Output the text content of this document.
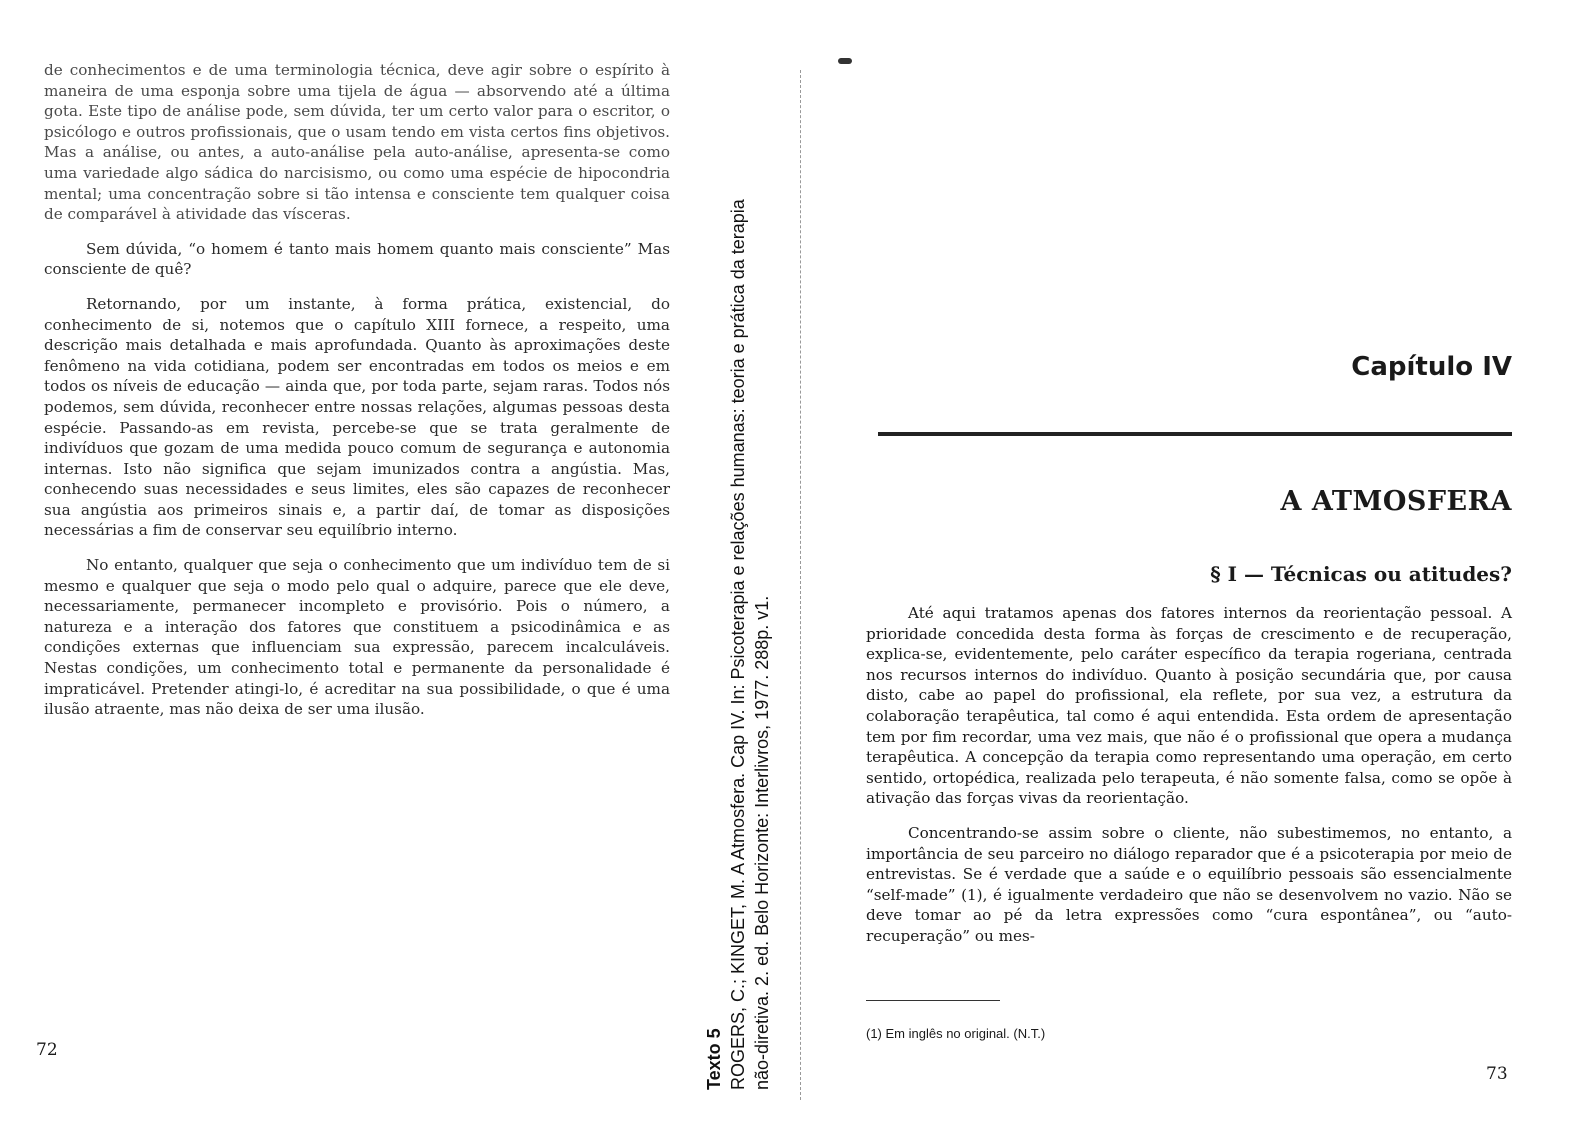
de conhecimentos e de uma terminologia técnica, deve agir sobre o espírito à maneira de uma esponja sobre uma tijela de água — absorvendo até a última gota. Este tipo de análise pode, sem dúvida, ter um certo valor para o escritor, o psicólogo e outros profissionais, que o usam tendo em vista certos fins objetivos. Mas a análise, ou antes, a auto-análise pela auto-análise, apresenta-se como uma variedade algo sádica do narcisismo, ou como uma espécie de hipocondria mental; uma concentração sobre si tão intensa e consciente tem qualquer coisa de comparável à atividade das vísceras.

Sem dúvida, “o homem é tanto mais homem quanto mais consciente” Mas consciente de quê?

Retornando, por um instante, à forma prática, existencial, do conhecimento de si, notemos que o capítulo XIII fornece, a respeito, uma descrição mais detalhada e mais aprofundada. Quanto às aproximações deste fenômeno na vida cotidiana, podem ser encontradas em todos os meios e em todos os níveis de educação — ainda que, por toda parte, sejam raras. Todos nós podemos, sem dúvida, reconhecer entre nossas relações, algumas pessoas desta espécie. Passando-as em revista, percebe-se que se trata geralmente de indivíduos que gozam de uma medida pouco comum de segurança e autonomia internas. Isto não significa que sejam imunizados contra a angústia. Mas, conhecendo suas necessidades e seus limites, eles são capazes de reconhecer sua angústia aos primeiros sinais e, a partir daí, de tomar as disposições necessárias a fim de conservar seu equilíbrio interno.

No entanto, qualquer que seja o conhecimento que um indivíduo tem de si mesmo e qualquer que seja o modo pelo qual o adquire, parece que ele deve, necessariamente, permanecer incompleto e provisório. Pois o número, a natureza e a interação dos fatores que constituem a psicodinâmica e as condições externas que influenciam sua expressão, parecem incalculáveis. Nestas condições, um conhecimento total e permanente da personalidade é impraticável. Pretender atingi-lo, é acreditar na sua possibilidade, o que é uma ilusão atraente, mas não deixa de ser uma ilusão.

72	Texto 5 ROGERS, C.; KINGET, M. A Atmosfera. Cap IV. In: Psicoterapia e relações humanas: teoria e prática da terapia não-diretiva. 2. ed. Belo Horizonte: Interlivros, 1977. 288p. v1.
Capítulo IV
A ATMOSFERA
§ I — Técnicas ou atitudes?

Até aqui tratamos apenas dos fatores internos da reorientação pessoal. A prioridade concedida desta forma às forças de crescimento e de recuperação, explica-se, evidentemente, pelo caráter específico da terapia rogeriana, centrada nos recursos internos do indivíduo. Quanto à posição secundária que, por causa disto, cabe ao papel do profissional, ela reflete, por sua vez, a estrutura da colaboração terapêutica, tal como é aqui entendida. Esta ordem de apresentação tem por fim recordar, uma vez mais, que não é o profissional que opera a mudança terapêutica. A concepção da terapia como representando uma operação, em certo sentido, ortopédica, realizada pelo terapeuta, é não somente falsa, como se opõe à ativação das forças vivas da reorientação.

Concentrando-se assim sobre o cliente, não subestimemos, no entanto, a importância de seu parceiro no diálogo reparador que é a psicoterapia por meio de entrevistas. Se é verdade que a saúde e o equilíbrio pessoais são essencialmente “self-made” (1), é igualmente verdadeiro que não se desenvolvem no vazio. Não se deve tomar ao pé da letra expressões como “cura espontânea”, ou “auto-recuperação” ou mes-

(1) Em inglês no original. (N.T.)
73
